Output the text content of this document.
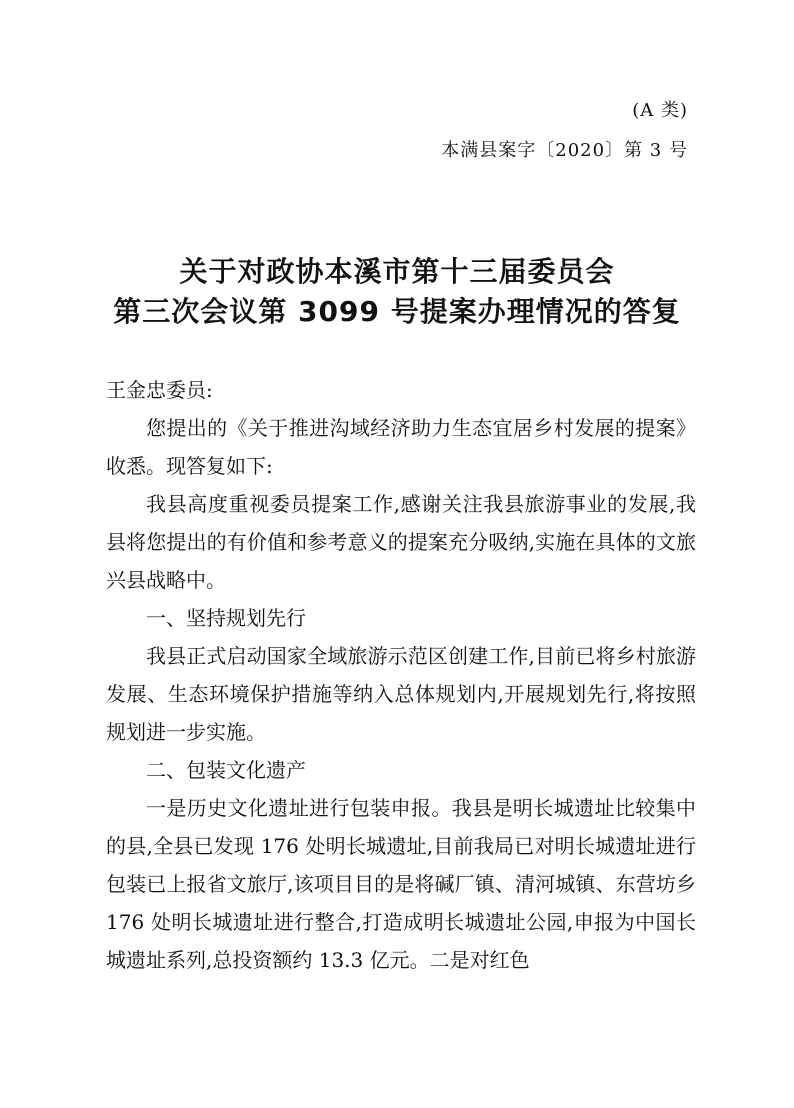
(A 类)
本满县案字〔2020〕第 3 号
关于对政协本溪市第十三届委员会
第三次会议第 3099 号提案办理情况的答复

王金忠委员:

您提出的《关于推进沟域经济助力生态宜居乡村发展的提案》收悉。现答复如下:

我县高度重视委员提案工作,感谢关注我县旅游事业的发展,我县将您提出的有价值和参考意义的提案充分吸纳,实施在具体的文旅兴县战略中。

一、坚持规划先行

我县正式启动国家全域旅游示范区创建工作,目前已将乡村旅游发展、生态环境保护措施等纳入总体规划内,开展规划先行,将按照规划进一步实施。

二、包装文化遗产

一是历史文化遗址进行包装申报。我县是明长城遗址比较集中的县,全县已发现 176 处明长城遗址,目前我局已对明长城遗址进行包装已上报省文旅厅,该项目目的是将碱厂镇、清河城镇、东营坊乡 176 处明长城遗址进行整合,打造成明长城遗址公园,申报为中国长城遗址系列,总投资额约 13.3 亿元。二是对红色
